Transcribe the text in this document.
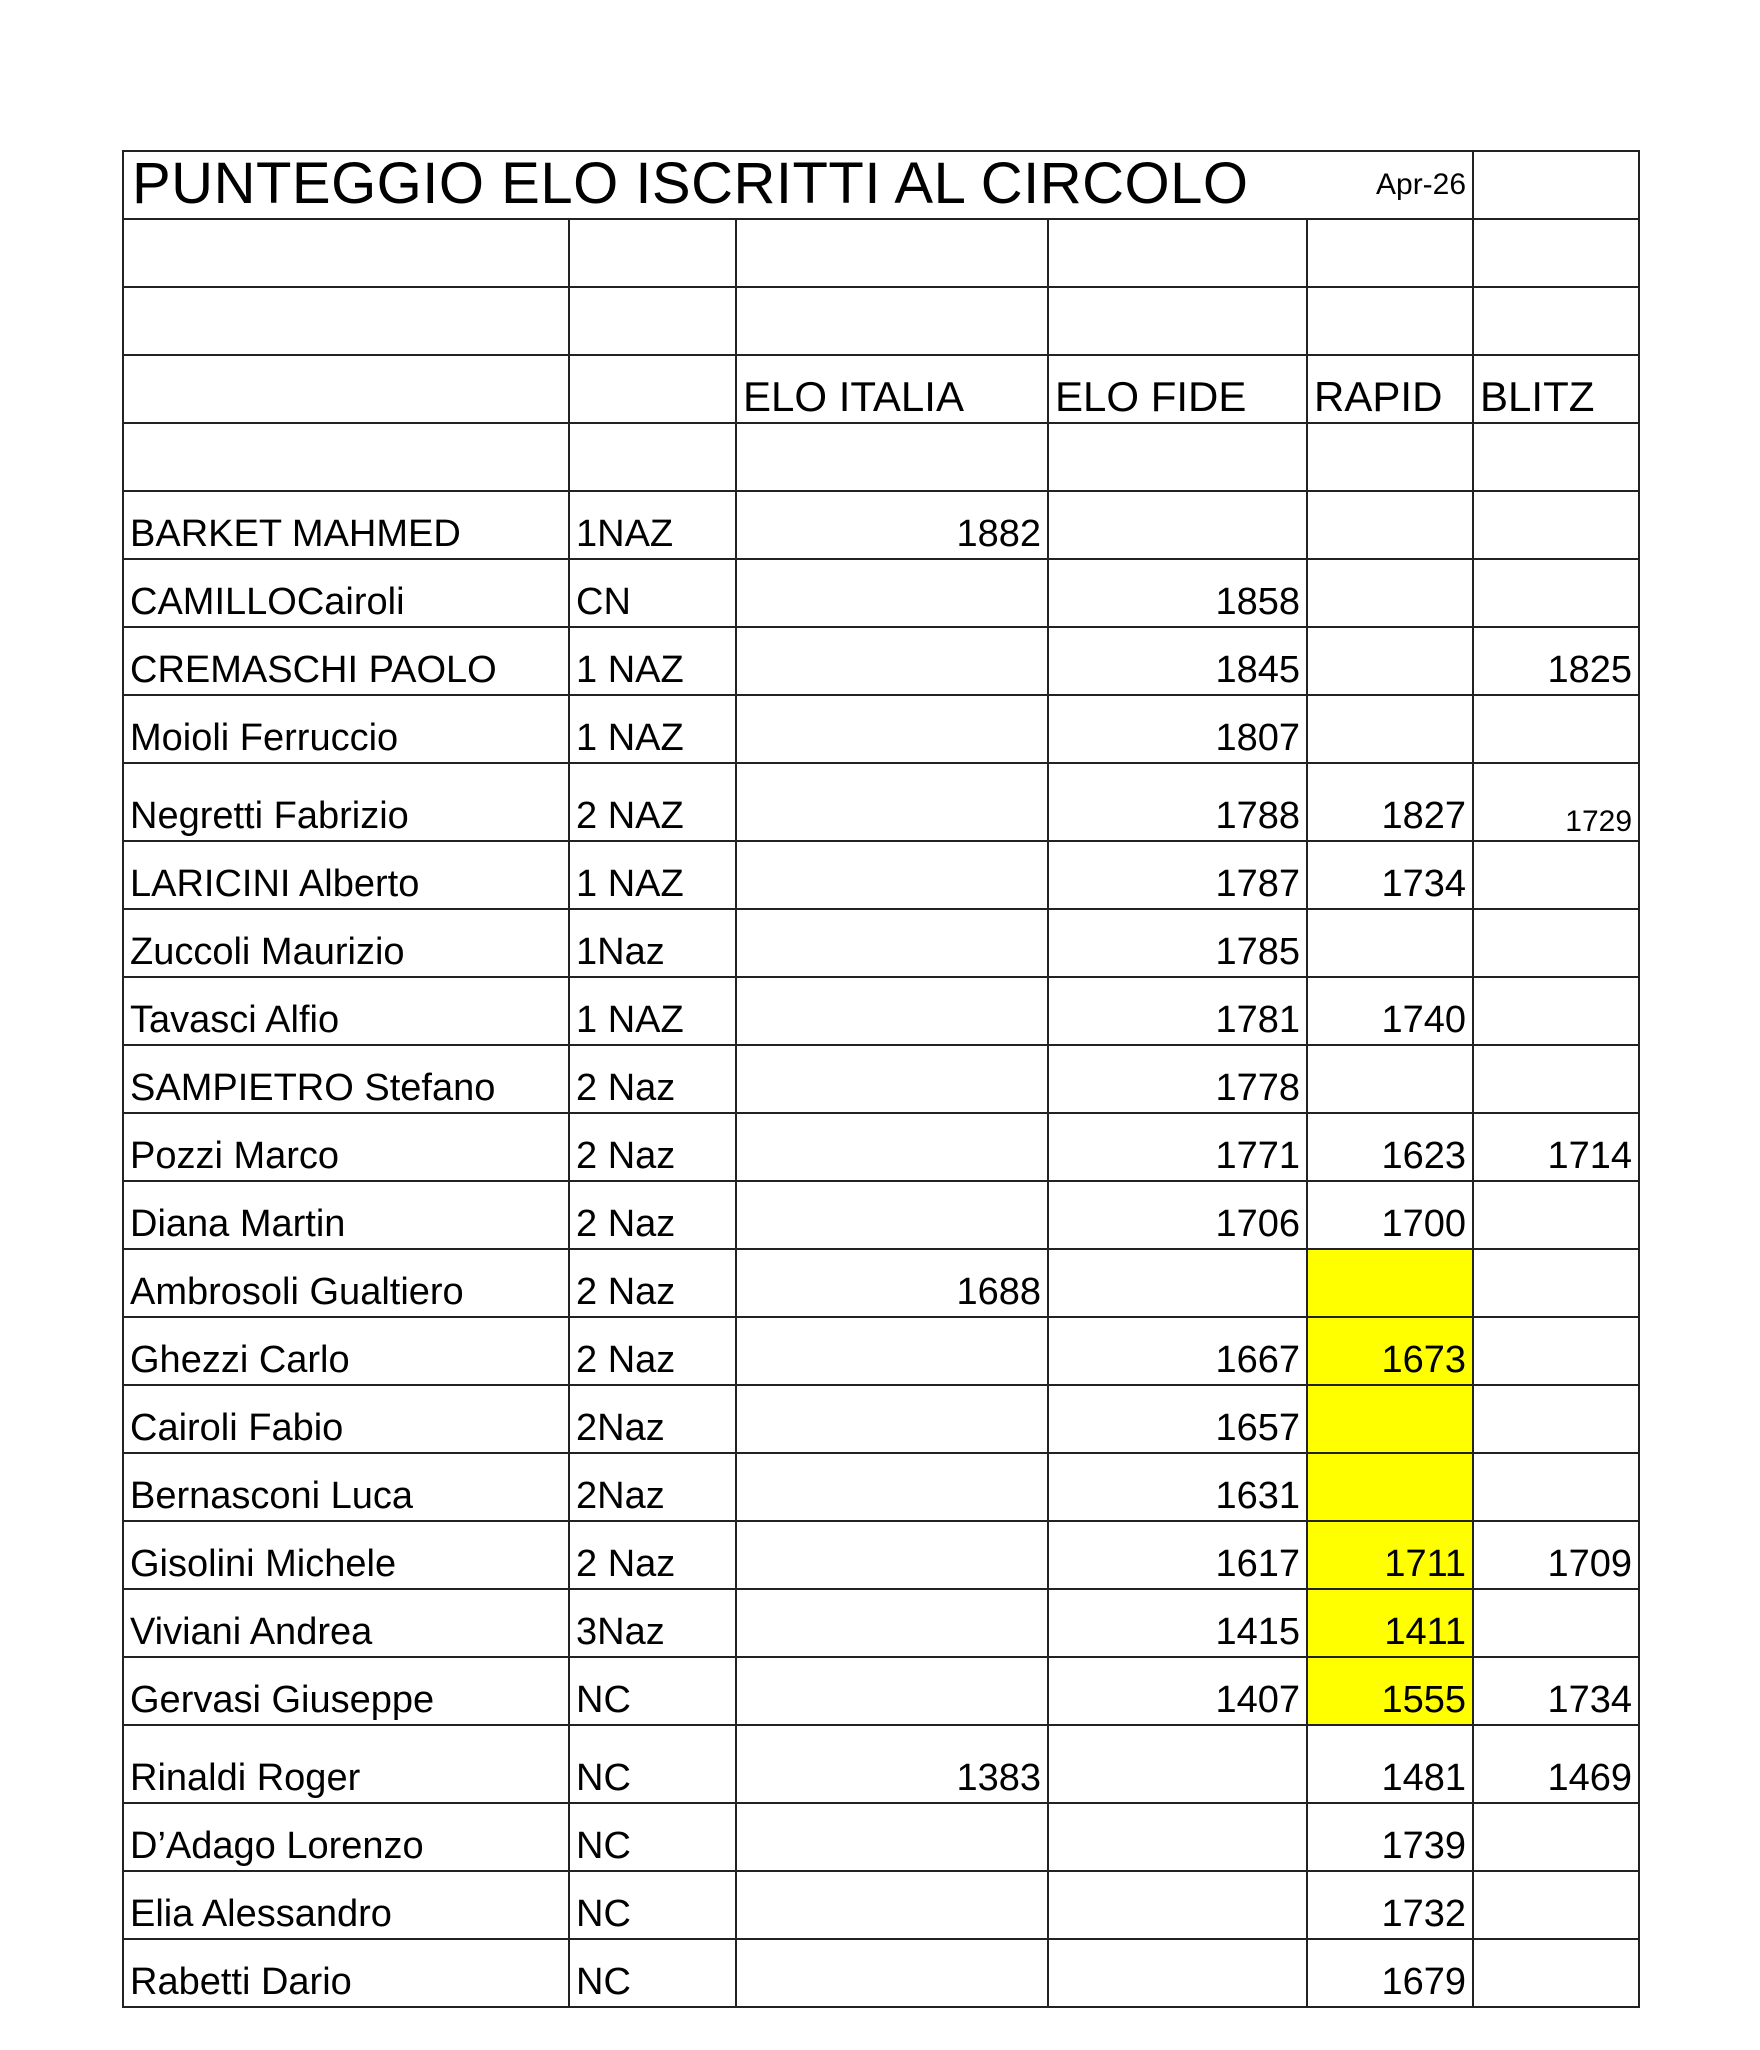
PUNTEGGIO ELO ISCRITTI AL CIRCOLO				Apr-26	

		ELO ITALIA	ELO FIDE	RAPID	BLITZ

BARKET MAHMED	1NAZ	1882			
CAMILLOCairoli	CN		1858		
CREMASCHI PAOLO	1 NAZ		1845		1825
Moioli Ferruccio	1 NAZ		1807		
Negretti Fabrizio	2 NAZ		1788	1827	1729
LARICINI Alberto	1 NAZ		1787	1734	
Zuccoli Maurizio	1Naz		1785		
Tavasci Alfio	1 NAZ		1781	1740	
SAMPIETRO Stefano	2 Naz		1778		
Pozzi Marco	2 Naz		1771	1623	1714
Diana Martin	2 Naz		1706	1700	
Ambrosoli Gualtiero	2 Naz	1688			
Ghezzi Carlo	2 Naz		1667	1673	
Cairoli Fabio	2Naz		1657		
Bernasconi Luca	2Naz		1631		
Gisolini Michele	2 Naz		1617	1711	1709
Viviani Andrea	3Naz		1415	1411	
Gervasi Giuseppe	NC		1407	1555	1734
Rinaldi Roger	NC	1383		1481	1469
D’Adago Lorenzo	NC			1739	
Elia Alessandro	NC			1732	
Rabetti Dario	NC			1679	
